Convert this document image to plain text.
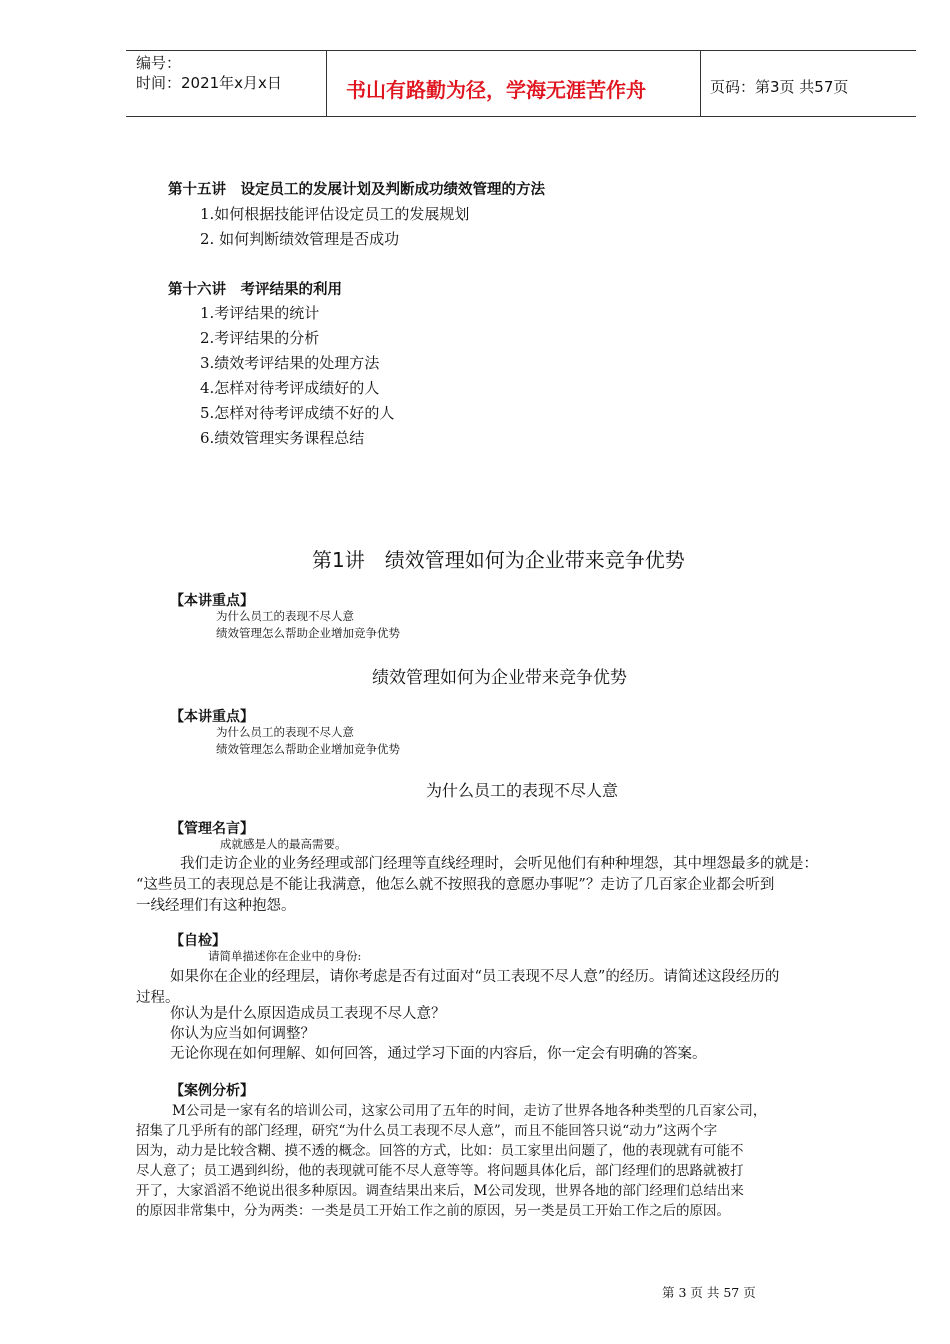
编号：
时间：2021年x月x日	书山有路勤为径，学海无涯苦作舟	页码：第3页 共57页
第十五讲　设定员工的发展计划及判断成功绩效管理的方法
1.如何根据技能评估设定员工的发展规划
2. 如何判断绩效管理是否成功
第十六讲　考评结果的利用
1.考评结果的统计
2.考评结果的分析
3.绩效考评结果的处理方法
4.怎样对待考评成绩好的人
5.怎样对待考评成绩不好的人
6.绩效管理实务课程总结
第1讲　绩效管理如何为企业带来竞争优势
【本讲重点】
为什么员工的表现不尽人意
绩效管理怎么帮助企业增加竞争优势
绩效管理如何为企业带来竞争优势
【本讲重点】
为什么员工的表现不尽人意
绩效管理怎么帮助企业增加竞争优势
为什么员工的表现不尽人意
【管理名言】
成就感是人的最高需要。
我们走访企业的业务经理或部门经理等直线经理时，会听见他们有种种埋怨，其中埋怨最多的就是：
“这些员工的表现总是不能让我满意，他怎么就不按照我的意愿办事呢”？走访了几百家企业都会听到
一线经理们有这种抱怨。
【自检】
请简单描述你在企业中的身份:
如果你在企业的经理层，请你考虑是否有过面对“员工表现不尽人意”的经历。请简述这段经历的
过程。
你认为是什么原因造成员工表现不尽人意？
你认为应当如何调整？
无论你现在如何理解、如何回答，通过学习下面的内容后，你一定会有明确的答案。
【案例分析】
M公司是一家有名的培训公司，这家公司用了五年的时间，走访了世界各地各种类型的几百家公司，
招集了几乎所有的部门经理，研究“为什么员工表现不尽人意”，而且不能回答只说“动力”这两个字
因为，动力是比较含糊、摸不透的概念。回答的方式，比如：员工家里出问题了，他的表现就有可能不
尽人意了；员工遇到纠纷，他的表现就可能不尽人意等等。将问题具体化后，部门经理们的思路就被打
开了，大家滔滔不绝说出很多种原因。调查结果出来后，M公司发现，世界各地的部门经理们总结出来
的原因非常集中，分为两类：一类是员工开始工作之前的原因，另一类是员工开始工作之后的原因。
第 3 页 共 57 页
